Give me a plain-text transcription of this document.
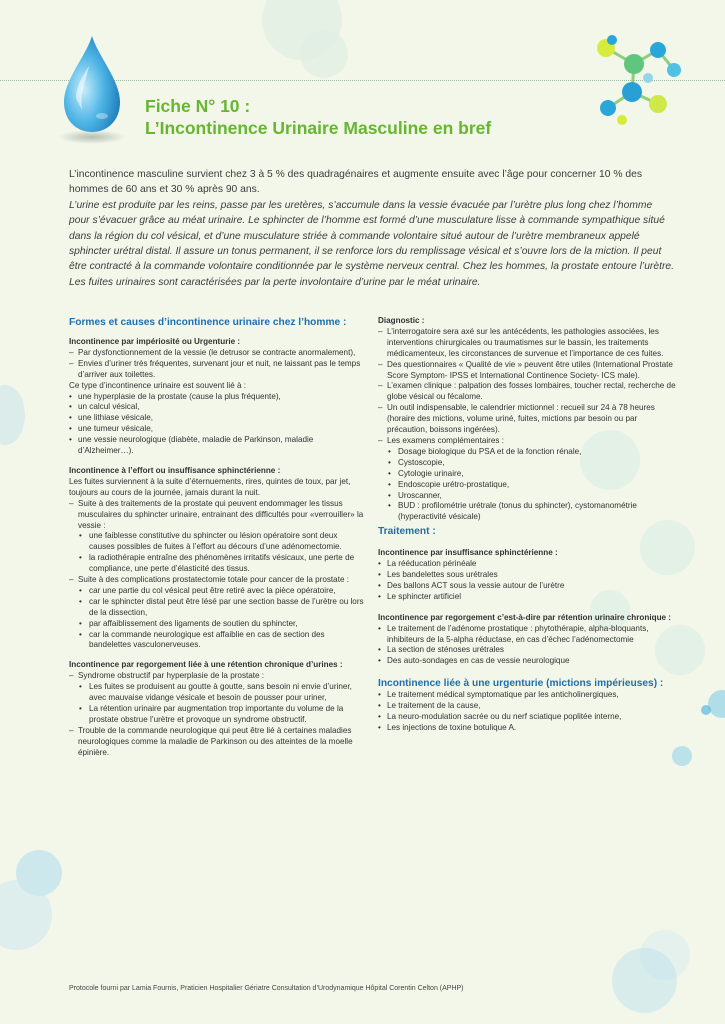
Fiche N° 10 :
L’Incontinence Urinaire Masculine en bref

L’incontinence masculine survient chez 3 à 5 % des quadragénaires et augmente ensuite avec l’âge pour concerner 10 % des hommes de 60 ans et 30 % après 90 ans.

L’urine est produite par les reins, passe par les uretères, s’accumule dans la vessie évacuée par l’urètre plus long chez l’homme pour s’évacuer grâce au méat urinaire. Le sphincter de l’homme est formé d’une musculature lisse à commande sympathique situé dans la région du col vésical, et d’une musculature striée à commande volontaire situé autour de l’urètre membraneux appelé sphincter urétral distal. Il assure un tonus permanent, il se renforce lors du remplissage vésical et s’ouvre lors de la miction. Il peut être contracté à la commande volontaire conditionnée par le système nerveux central. Chez les hommes, la prostate entoure l’urètre. Les fuites urinaires sont caractérisées par la perte involontaire d’urine par le méat urinaire.

Formes et causes d’incontinence urinaire chez l’homme :
Incontinence par impériosité ou Urgenturie :

– Par dysfonctionnement de la vessie (le detrusor se contracte anormalement),

– Envies d’uriner très fréquentes, survenant jour et nuit, ne laissant pas le temps d’arriver aux toilettes.

Ce type d’incontinence urinaire est souvent lié à :

• une hyperplasie de la prostate (cause la plus fréquente),

• un calcul vésical,

• une lithiase vésicale,

• une tumeur vésicale,

• une vessie neurologique (diabète, maladie de Parkinson, maladie d’Alzheimer…).

Incontinence à l’effort ou insuffisance sphinctérienne :

Les fuites surviennent à la suite d’éternuements, rires, quintes de toux, par jet, toujours au cours de la journée, jamais durant la nuit.

– Suite à des traitements de la prostate qui peuvent endommager les tissus musculaires du sphincter urinaire, entrainant des difficultés pour «verrouiller» la vessie :

• une faiblesse constitutive du sphincter ou lésion opératoire sont deux causes possibles de fuites à l’effort au décours d’une adénomectomie.

• la radiothérapie entraîne des phénomènes irritatifs vésicaux, une perte de compliance, une perte d’élasticité des tissus.

– Suite à des complications prostatectomie totale pour cancer de la prostate :

• car une partie du col vésical peut être retiré avec la pièce opératoire,

• car le sphincter distal peut être lésé par une section basse de l’urètre ou lors de la dissection,

• par affaiblissement des ligaments de soutien du sphincter,

• car la commande neurologique est affaiblie en cas de section des bandelettes vasculonerveuses.

Incontinence par regorgement liée à une rétention chronique d’urines :

– Syndrome obstructif par hyperplasie de la prostate :

• Les fuites se produisent au goutte à goutte, sans besoin ni envie d’uriner, avec mauvaise vidange vésicale et besoin de pousser pour uriner,

• La rétention urinaire par augmentation trop importante du volume de la prostate obstrue l’urètre et provoque un syndrome obstructif.

– Trouble de la commande neurologique qui peut être lié à certaines maladies neurologiques comme la maladie de Parkinson ou des atteintes de la moelle épinière.

Diagnostic :

– L’interrogatoire sera axé sur les antécédents, les pathologies associées, les interventions chirurgicales ou traumatismes sur le bassin, les traitements médicamenteux, les circonstances de survenue et l’importance de ces fuites.

– Des questionnaires « Qualité de vie » peuvent être utiles (International Prostate Score Symptom- IPSS et International Continence Society- ICS male).

– L’examen clinique : palpation des fosses lombaires, toucher rectal, recherche de globe vésical ou fécalome.

– Un outil indispensable, le calendrier mictionnel : recueil sur 24 à 78 heures (horaire des mictions, volume uriné, fuites, mictions par besoin ou par précaution, boissons ingérées).

– Les examens complémentaires :

• Dosage biologique du PSA et de la fonction rénale,

• Cystoscopie,

• Cytologie urinaire,

• Endoscopie urétro-prostatique,

• Uroscanner,

• BUD : profilométrie urétrale (tonus du sphincter), cystomanométrie (hyperactivité vésicale)

Traitement :
Incontinence par insuffisance sphinctérienne :

• La rééducation périnéale

• Les bandelettes sous urétrales

• Des ballons ACT sous la vessie autour de l’urètre

• Le sphincter artificiel

Incontinence par regorgement c’est-à-dire par rétention urinaire chronique :

• Le traitement de l’adénome prostatique : phytothérapie, alpha-bloquants, inhibiteurs de la 5-alpha réductase, en cas d’échec l’adénomectomie

• La section de sténoses urétrales

• Des auto-sondages en cas de vessie neurologique

Incontinence liée à une urgenturie (mictions impérieuses) :

• Le traitement médical symptomatique par les anticholinergiques,

• Le traitement de la cause,

• La neuro-modulation sacrée ou du nerf sciatique poplitée interne,

• Les injections de toxine botulique A.

Protocole fourni par Lamia Fournis, Praticien Hospitalier Gériatre Consultation d’Urodynamique Hôpital Corentin Celton (APHP)
